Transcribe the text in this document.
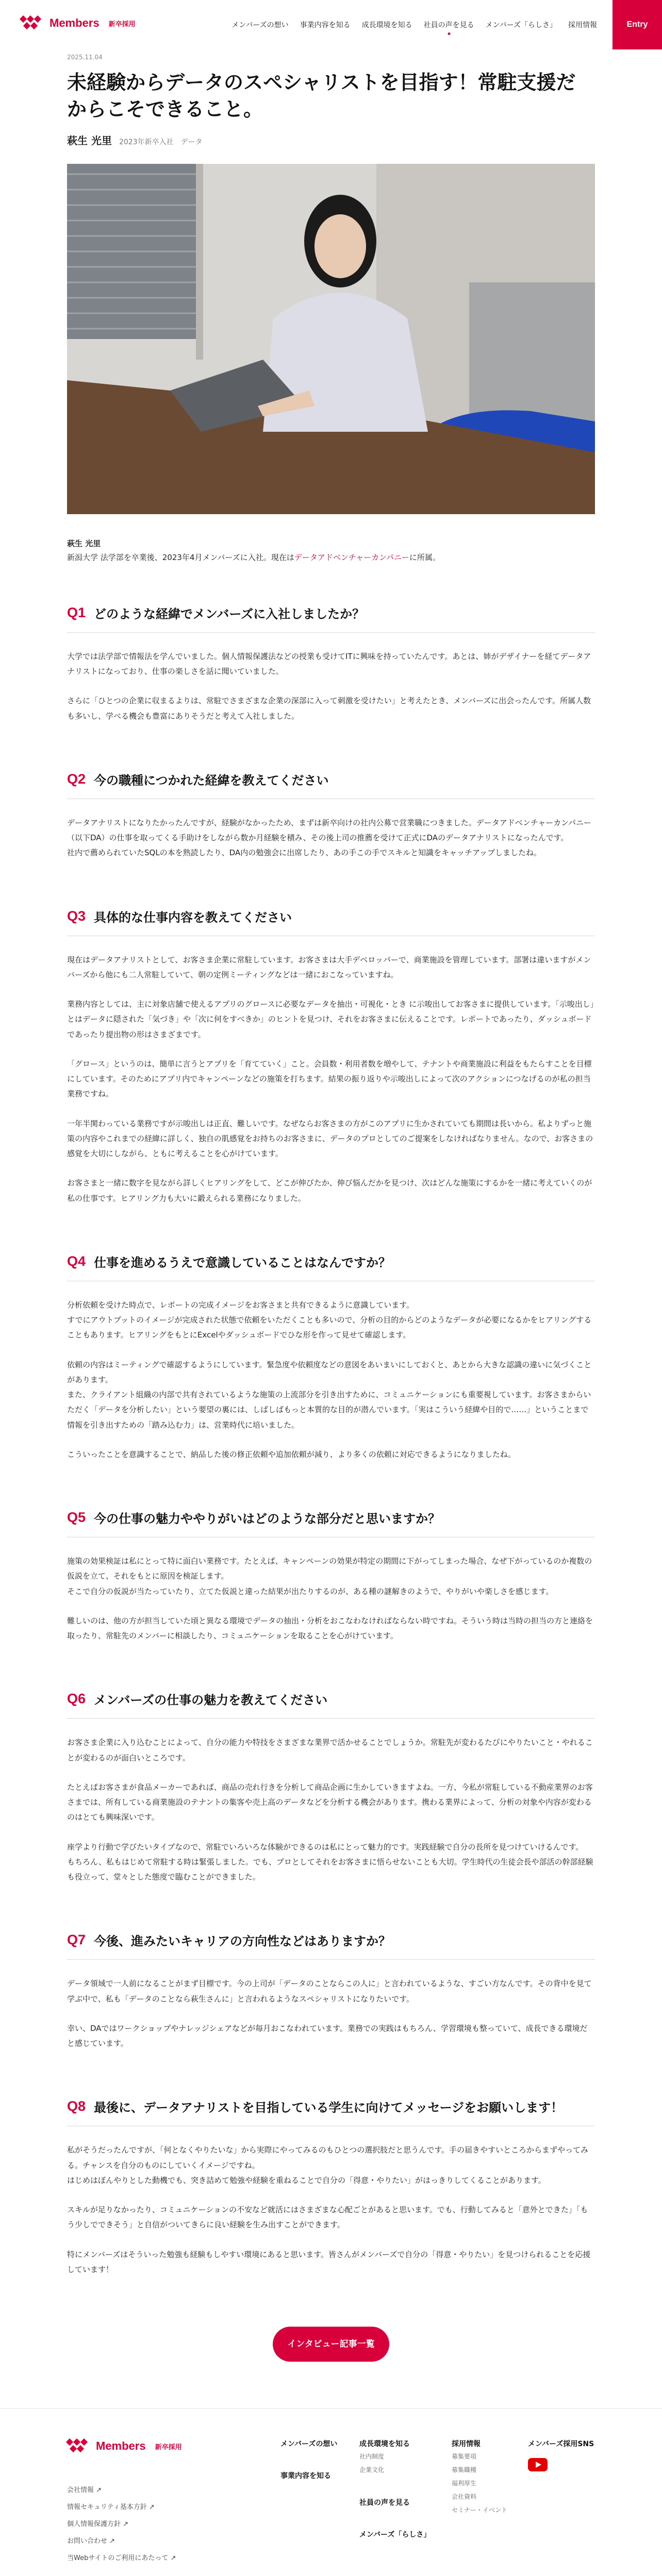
Members 新卒採用	メンバーズの想い 事業内容を知る 成長環境を知る 社員の声を見る メンバーズ「らしさ」 採用情報	Entry
2025.11.04
未経験からデータのスペシャリストを目指す！常駐支援だからこそできること。
萩生 光里 2023年新卒入社　データ
萩生 光里
新潟大学 法学部を卒業後、2023年4月メンバーズに入社。現在はデータアドベンチャーカンパニーに所属。
Q1 どのような経緯でメンバーズに入社しましたか？

大学では法学部で情報法を学んでいました。個人情報保護法などの授業も受けてITに興味を持っていたんです。あとは、姉がデザイナーを経てデータアナリストになっており、仕事の楽しさを話に聞いていました。

さらに「ひとつの企業に収まるよりは、常駐でさまざまな企業の深部に入って刺激を受けたい」と考えたとき、メンバーズに出会ったんです。所属人数も多いし、学べる機会も豊富にありそうだと考えて入社しました。

Q2 今の職種につかれた経緯を教えてください

データアナリストになりたかったんですが、経験がなかったため、まずは新卒向けの社内公募で営業職につきました。データアドベンチャーカンパニー（以下DA）の仕事を取ってくる手助けをしながら数か月経験を積み、その後上司の推薦を受けて正式にDAのデータアナリストになったんです。
社内で薦められていたSQLの本を熟読したり、DA内の勉強会に出席したり、あの手この手でスキルと知識をキャッチアップしましたね。

Q3 具体的な仕事内容を教えてください

現在はデータアナリストとして、お客さま企業に常駐しています。お客さまは大手デベロッパーで、商業施設を管理しています。部署は違いますがメンバーズから他にも二人常駐していて、朝の定例ミーティングなどは一緒におこなっていますね。

業務内容としては、主に対象店舗で使えるアプリのグロースに必要なデータを抽出・可視化・とき に示唆出してお客さまに提供しています。「示唆出し」とはデータに隠された「気づき」や「次に何をすべきか」のヒントを見つけ、それをお客さまに伝えることです。レポートであったり、ダッシュボードであったり提出物の形はさまざまです。

「グロース」というのは、簡単に言うとアプリを「育てていく」こと。会員数・利用者数を増やして、テナントや商業施設に利益をもたらすことを目標にしています。そのためにアプリ内でキャンペーンなどの施策を打ちます。結果の振り返りや示唆出しによって次のアクションにつなげるのが私の担当業務ですね。

一年半関わっている業務ですが示唆出しは正直、難しいです。なぜならお客さまの方がこのアプリに生かされていても期間は長いから。私よりずっと施策の内容やこれまでの経緯に詳しく、独自の肌感覚をお持ちのお客さまに、データのプロとしてのご提案をしなければなりません。なので、お客さまの感覚を大切にしながら、ともに考えることを心がけています。

お客さまと一緒に数字を見ながら詳しくヒアリングをして、どこが伸びたか、伸び悩んだかを見つけ、次はどんな施策にするかを一緒に考えていくのが私の仕事です。ヒアリング力も大いに鍛えられる業務になりました。

Q4 仕事を進めるうえで意識していることはなんですか？

分析依頼を受けた時点で、レポートの完成イメージをお客さまと共有できるように意識しています。
すでにアウトプットのイメージが完成された状態で依頼をいただくことも多いので、分析の目的からどのようなデータが必要になるかをヒアリングすることもあります。ヒアリングをもとにExcelやダッシュボードでひな形を作って見せて確認します。

依頼の内容はミーティングで確認するようにしています。緊急度や依頼度などの意図をあいまいにしておくと、あとから大きな認識の違いに気づくことがあります。
また、クライアント組織の内部で共有されているような施策の上流部分を引き出すために、コミュニケーションにも重要視しています。お客さまからいただく「データを分析したい」という要望の裏には、しばしばもっと本質的な目的が潜んでいます。「実はこういう経緯や目的で……」ということまで情報を引き出すための「踏み込む力」は、営業時代に培いました。

こういったことを意識することで、納品した後の修正依頼や追加依頼が減り、より多くの依頼に対応できるようになりましたね。

Q5 今の仕事の魅力ややりがいはどのような部分だと思いますか？

施策の効果検証は私にとって特に面白い業務です。たとえば、キャンペーンの効果が特定の期間に下がってしまった場合、なぜ下がっているのか複数の仮説を立て、それをもとに原因を検証します。
そこで自分の仮説が当たっていたり、立てた仮説と違った結果が出たりするのが、ある種の謎解きのようで、やりがいや楽しさを感じます。

難しいのは、他の方が担当していた頃と異なる環境でデータの抽出・分析をおこなわなければならない時ですね。そういう時は当時の担当の方と連絡を取ったり、常駐先のメンバーに相談したり、コミュニケーションを取ることを心がけています。

Q6 メンバーズの仕事の魅力を教えてください

お客さま企業に入り込むことによって、自分の能力や特技をさまざまな業界で活かせることでしょうか。常駐先が変わるたびにやりたいこと・やれることが変わるのが面白いところです。

たとえばお客さまが食品メーカーであれば、商品の売れ行きを分析して商品企画に生かしていきますよね。一方、今私が常駐している不動産業界のお客さまでは、所有している商業施設のテナントの集客や売上高のデータなどを分析する機会があります。携わる業界によって、分析の対象や内容が変わるのはとても興味深いです。

座学より行動で学びたいタイプなので、常駐でいろいろな体験ができるのは私にとって魅力的です。実践経験で自分の長所を見つけていけるんです。
もちろん、私もはじめて常駐する時は緊張しました。でも、プロとしてそれをお客さまに悟らせないことも大切。学生時代の生徒会長や部活の幹部経験も役立って、堂々とした態度で臨むことができました。

Q7 今後、進みたいキャリアの方向性などはありますか？

データ領域で一人前になることがまず目標です。今の上司が「データのことならこの人に」と言われているような、すごい方なんです。その背中を見て学ぶ中で、私も「データのことなら萩生さんに」と言われるようなスペシャリストになりたいです。

幸い、DAではワークショップやナレッジシェアなどが毎月おこなわれています。業務での実践はもちろん、学習環境も整っていて、成長できる環境だと感じています。

Q8 最後に、データアナリストを目指している学生に向けてメッセージをお願いします！

私がそうだったんですが、「何となくやりたいな」から実際にやってみるのもひとつの選択肢だと思うんです。手の届きやすいところからまずやってみる。チャンスを自分のものにしていくイメージですね。
はじめはぼんやりとした動機でも、突き詰めて勉強や経験を重ねることで自分の「得意・やりたい」がはっきりしてくることがあります。

スキルが足りなかったり、コミュニケーションの不安など就活にはさまざまな心配ごとがあると思います。でも、行動してみると「意外とできた」「もう少しでできそう」と自信がついてきらに良い経験を生み出すことができます。

特にメンバーズはそういった勉強も経験もしやすい環境にあると思います。皆さんがメンバーズで自分の「得意・やりたい」を見つけられることを応援しています！

インタビュー記事一覧
Members 新卒採用
会社情報 ↗
情報セキュリティ基本方針 ↗
個人情報保護方針 ↗
お問い合わせ ↗
当Webサイトのご利用にあたって ↗
メンバーズの想い
事業内容を知る
成長環境を知る
社内制度
企業文化
社員の声を見る
メンバーズ「らしさ」
採用情報
募集要項
募集職種
福利厚生
会社資料
セミナー・イベント
メンバーズ採用SNS
